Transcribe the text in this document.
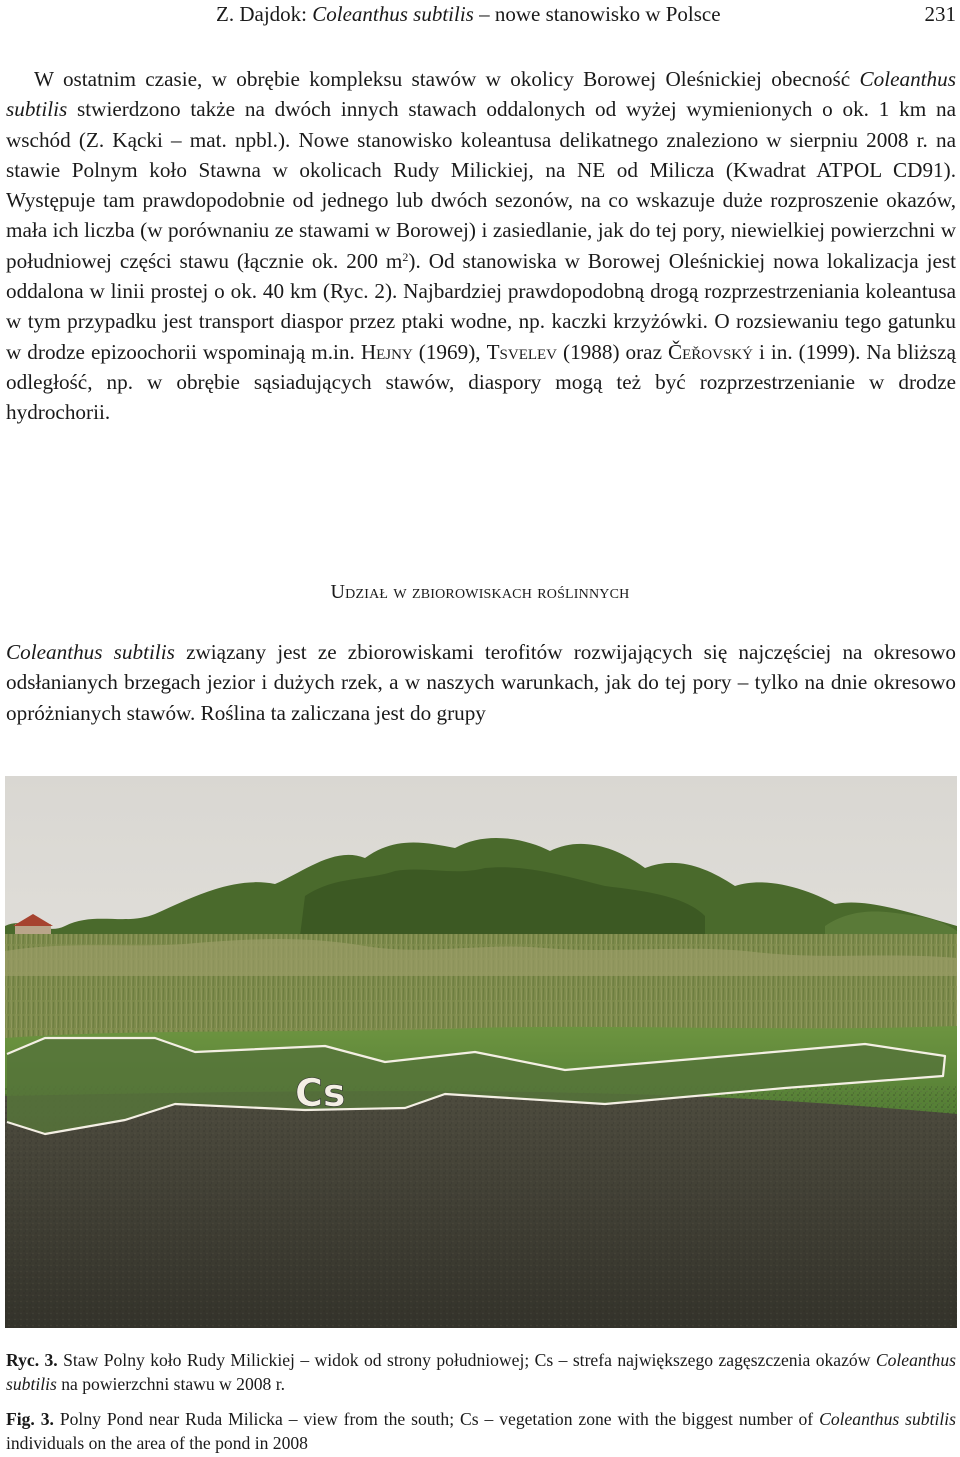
Z. Dajdok: Coleanthus subtilis – nowe stanowisko w Polsce	231

W ostatnim czasie, w obrębie kompleksu stawów w okolicy Borowej Oleśnickiej obecność Coleanthus subtilis stwierdzono także na dwóch innych stawach oddalonych od wyżej wymienionych o ok. 1 km na wschód (Z. Kącki – mat. npbl.). Nowe stanowisko koleantusa delikatnego znaleziono w sierpniu 2008 r. na stawie Polnym koło Stawna w okolicach Rudy Milickiej, na NE od Milicza (Kwadrat ATPOL CD91). Występuje tam prawdopodobnie od jednego lub dwóch sezonów, na co wskazuje duże rozproszenie okazów, mała ich liczba (w porównaniu ze stawami w Borowej) i zasiedlanie, jak do tej pory, niewielkiej powierzchni w południowej części stawu (łącznie ok. 200 $m^2$). Od stanowiska w Borowej Oleśnickiej nowa lokalizacja jest oddalona w linii prostej o ok. 40 km (Ryc. 2). Najbardziej prawdopodobną drogą rozprzestrzeniania koleantusa w tym przypadku jest transport diaspor przez ptaki wodne, np. kaczki krzyżówki. O rozsiewaniu tego gatunku w drodze epizoochorii wspominają m.in. Hejny (1969), Tsvelev (1988) oraz Čeřovský i in. (1999). Na bliższą odległość, np. w obrębie sąsiadujących stawów, diaspory mogą też być rozprzestrzenianie w drodze hydrochorii.

Udział w zbiorowiskach roślinnych

Coleanthus subtilis związany jest ze zbiorowiskami terofitów rozwijających się najczęściej na okresowo odsłanianych brzegach jezior i dużych rzek, a w naszych warunkach, jak do tej pory – tylko na dnie okresowo opróżnianych stawów. Roślina ta zaliczana jest do grupy

Cs

Ryc. 3. Staw Polny koło Rudy Milickiej – widok od strony południowej; Cs – strefa największego zagęszczenia okazów Coleanthus subtilis na powierzchni stawu w 2008 r.

Fig. 3. Polny Pond near Ruda Milicka – view from the south; Cs – vegetation zone with the biggest number of Coleanthus subtilis individuals on the area of the pond in 2008
